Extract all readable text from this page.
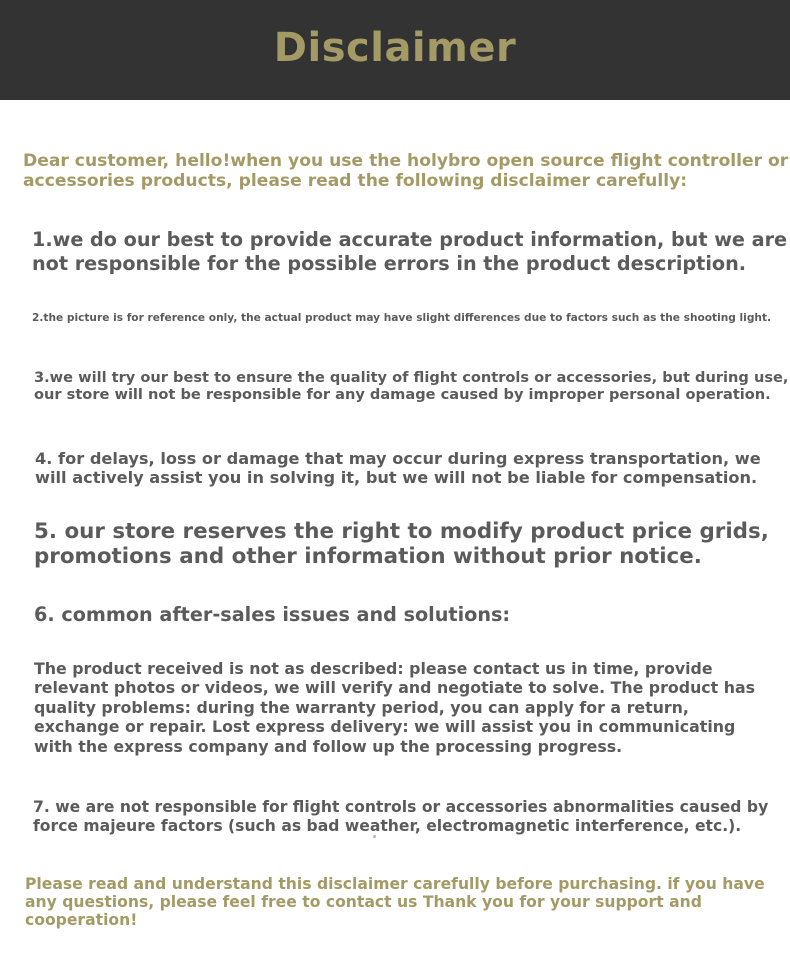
Disclaimer
Dear customer, hello!when you use the holybro open source flight controller or
accessories products, please read the following disclaimer carefully:
1.we do our best to provide accurate product information, but we are
not responsible for the possible errors in the product description.
2.the picture is for reference only, the actual product may have slight differences due to factors such as the shooting light.
3.we will try our best to ensure the quality of flight controls or accessories, but during use,
our store will not be responsible for any damage caused by improper personal operation.
4. for delays, loss or damage that may occur during express transportation, we
will actively assist you in solving it, but we will not be liable for compensation.
5. our store reserves the right to modify product price grids,
promotions and other information without prior notice.
6. common after-sales issues and solutions:
The product received is not as described: please contact us in time, provide
relevant photos or videos, we will verify and negotiate to solve. The product has
quality problems: during the warranty period, you can apply for a return,
exchange or repair. Lost express delivery: we will assist you in communicating
with the express company and follow up the processing progress.
7. we are not responsible for flight controls or accessories abnormalities caused by
force majeure factors (such as bad weather, electromagnetic interference, etc.).
Please read and understand this disclaimer carefully before purchasing. if you have
any questions, please feel free to contact us Thank you for your support and
cooperation!
